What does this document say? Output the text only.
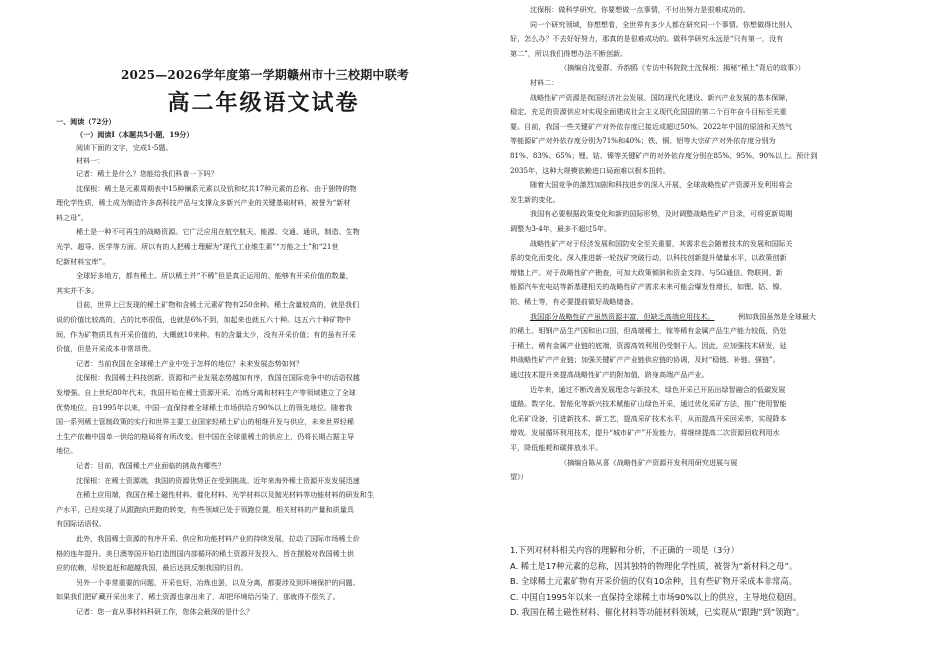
2025—2026学年度第一学期赣州市十三校期中联考
高二年级语文试卷
一、阅读（72分）
（一）阅读Ⅰ（本题共5小题，19分）
阅读下面的文字，完成1-5题。
材料一：
记者：稀土是什么？您能给我们科普一下吗？
沈保根：稀土是元素周期表中15种镧系元素以及钪和钇共17种元素的总称。由于独特的物
理化学性质，稀土成为制造许多高科技产品与支撑众多新兴产业的关键基础材料，被誉为“新材
料之母”。
稀土是一种不可再生的战略资源。它广泛应用在航空航天、能源、交通、通讯、制造、生物
光学、超导、医学等方面。所以有的人把稀土理解为“现代工业维生素”“万能之土”和“21世
纪新材料宝库”。
全球好多地方，都有稀土。所以稀土并“不稀”但是真正运用的、能够有开采价值的数量，
其实并不多。
目前，世界上已发现的稀土矿物和含稀土元素矿物有250余种。稀土含量较高的，就是我们
说的价值比较高的，占的比率很低，也就是6%不到，加起来也就五六十种。这五六十种矿物中
间，作为矿物质具有开采价值的，大概就10来种。有的含量太少，没有开采价值；有的虽有开采
价值，但是开采成本非常昂贵。
记者：当前我国在全球稀土产业中处于怎样的地位？未来发展态势如何？
沈保根：我国稀土科技创新、资源和产业发展态势越加有序，我国在国际竞争中的话语权越
发增强。自上世纪80年代末，我国开始在稀土资源开采、冶炼分离和材料生产等领域建立了全球
优势地位。自1995年以来，中国一直保持着全球稀土市场供给方90%以上的领先地位。随着我
国一系列稀土管制政策的实行和世界主要工业国家轻稀土矿山的相继开发与供应，未来世界轻稀
土生产依赖中国单一供给的格局将有所改变。但中国在全球重稀土的供应上，仍将长期占据主导
地位。
记者：目前，我国稀土产业面临的挑战有哪些？
沈保根：在稀土资源端，我国的资源优势正在受到挑战。近年来海外稀土资源开发发展迅速
在稀土应用端，我国在稀土磁性材料、催化材料、光学材料以及抛光材料等功能材料的研发和生
产水平，已经实现了从跟跑向并跑的转变，有些领域已处于领跑位置，相关材料的产量和质量具
有国际话语权。
此外，我国稀土资源的有序开采、供应和功能材料产业的持续发展，拉动了国际市场稀土价
格的连年提升。美日澳等国开始打造围国内部循环的稀土资源开发投入，旨在摆脱对我国稀土供
应的依赖，尽快追赶和超越我国，最后达到反制我国的目的。
另外一个非常重要的问题，开采也好，冶炼也罢，以及分离，都要涉及到环境保护的问题。
如果我们把矿藏开采出来了，稀土资源也拿出来了，却把环境给污染了，那就得不偿失了。
记者：您一直从事材料科研工作，您体会最深的是什么？
沈保根：做科学研究，你要想做一点事情，不付出努力是很难成功的。
同一个研究领域，你想想看，全世界有多少人都在研究同一个事情。你想做得比别人
好，怎么办？不去好好努力，那真的是很难成功的。做科学研究永远是“只有第一，没有
第二”，所以我们得想办法不断创新。
（摘编自沈爱群、乔韵鸥《专访中科院院士沈保根：揭秘“稀土”背后的故事》）
材料二：
战略性矿产资源是我国经济社会发展、国防现代化建设、新兴产业发展的基本保障，
稳定、充足的资源供应对实现全面建成社会主义现代化国国的第二个百年奋斗目标至关重
要。目前，我国一些关键矿产对外依存度已接近或超过50%。2022年中国的原油和天然气
等能源矿产对外依存度分别为71%和40%；铁、铜、铝等大宗矿产对外依存度分别为
81%、83%、65%；锂、钴、镍等关键矿产的对外依存度分别在85%、95%、90%以上。预计到
2035年，这种大规模依赖进口局面难以根本扭转。
随着大国竞争的激烈加剧和科技进步的深入开展，全球战略性矿产资源开发利用将会
发生新的变化。
我国有必要根据政策变化和新的国际形势，及时调整战略性矿产目录，可将更新周期
调整为3-4年，最多不超过5年。
战略性矿产对于经济发展和国防安全至关重要，其需求也会随着技术的发展和国际关
系的变化而变化。深入推进新一轮找矿突破行动，以科技创新提升储量水平，以政策创新
增储上产。对于战略性矿产勘查，可加大政策倾斜和资金支持。与5G通信、物联网、新
能源汽车充电站等新基建相关的战略性矿产需求未来可能会爆发性增长，如锂、钴、镍、
铂、稀土等，有必要提前做好战略储备。
我国部分战略性矿产虽然资源丰富，但缺乏高端应用技术。	例如我国虽然是全球最大
的稀土、钼钢产品生产国和出口国，但高端稀土，镓等稀有金属产品生产能力较低，仍处
于稀土、稀有金属产业链的底端，资源高效利用仍受制于人。因此，应加强技术研发，延
伸战略性矿产产业链；加强关键矿产产业链供应链的协调，及时“稳链、补链、强链”。
通过技术提升来提高战略性矿产的附加值，跻身高端产品产业。
近年来，通过不断改善发展理念与新技术，绿色开采已开拓出绿智融合的低碳发展
道路。数字化、智能化等新兴技术赋能矿山绿色开采，通过优化采矿方法，推广使用智能
化采矿设备，引进新技术、新工艺，提高采矿技术水平，从而提高开采回采率，实现降本
增效。发展循环利用技术，提升“城市矿产”开发能力，将继续提高二次资源回收利用水
平，降低能耗和碳排放水平。
（摘编自陈从喜《战略性矿产资源开发利用研究进展与展
望》）
1.下列对材料相关内容的理解和分析，不正确的一项是（3分）
A. 稀土是17种元素的总称，因其独特的物理化学性质，被誉为“新材料之母”。
B. 全球稀土元素矿物有开采价值的仅有10余种，且有些矿物开采成本非常高。
C. 中国自1995年以来一直保持全球稀土市场90%以上的供应，主导地位稳固。
D. 我国在稀土磁性材料、催化材料等功能材料领域，已实现从“跟跑”到“领跑”。
